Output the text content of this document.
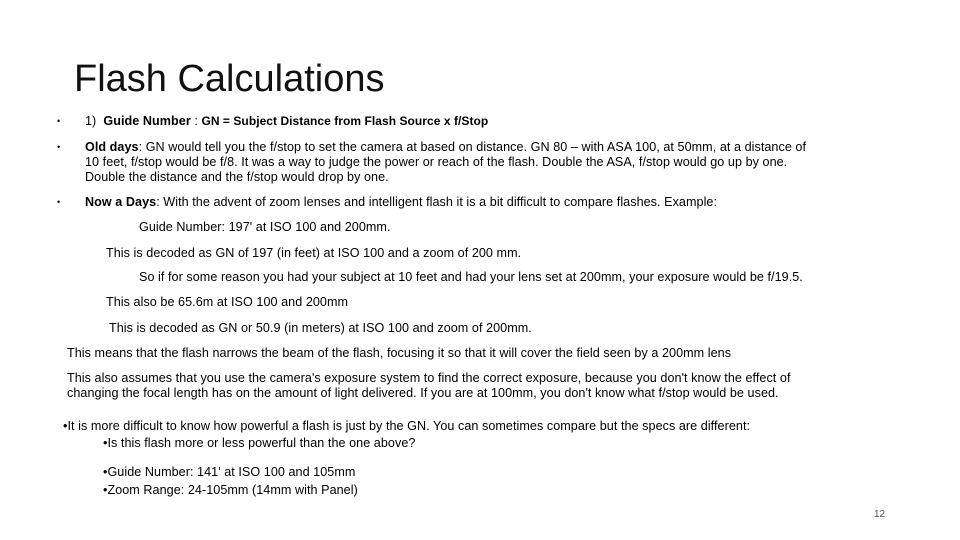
Flash Calculations
• 1) Guide Number : GN = Subject Distance from Flash Source x f/Stop
• Old days: GN would tell you the f/stop to set the camera at based on distance. GN 80 – with ASA 100, at 50mm, at a distance of
10 feet, f/stop would be f/8. It was a way to judge the power or reach of the flash. Double the ASA, f/stop would go up by one.
Double the distance and the f/stop would drop by one.
• Now a Days: With the advent of zoom lenses and intelligent flash it is a bit difficult to compare flashes. Example:
Guide Number: 197' at ISO 100 and 200mm.
This is decoded as GN of 197 (in feet) at ISO 100 and a zoom of 200 mm.
So if for some reason you had your subject at 10 feet and had your lens set at 200mm, your exposure would be f/19.5.
This also be 65.6m at ISO 100 and 200mm
This is decoded as GN or 50.9 (in meters) at ISO 100 and zoom of 200mm.
This means that the flash narrows the beam of the flash, focusing it so that it will cover the field seen by a 200mm lens
This also assumes that you use the camera's exposure system to find the correct exposure, because you don't know the effect of
changing the focal length has on the amount of light delivered. If you are at 100mm, you don't know what f/stop would be used.
•It is more difficult to know how powerful a flash is just by the GN. You can sometimes compare but the specs are different:
•Is this flash more or less powerful than the one above?
•Guide Number: 141' at ISO 100 and 105mm
•Zoom Range: 24-105mm (14mm with Panel)
12
